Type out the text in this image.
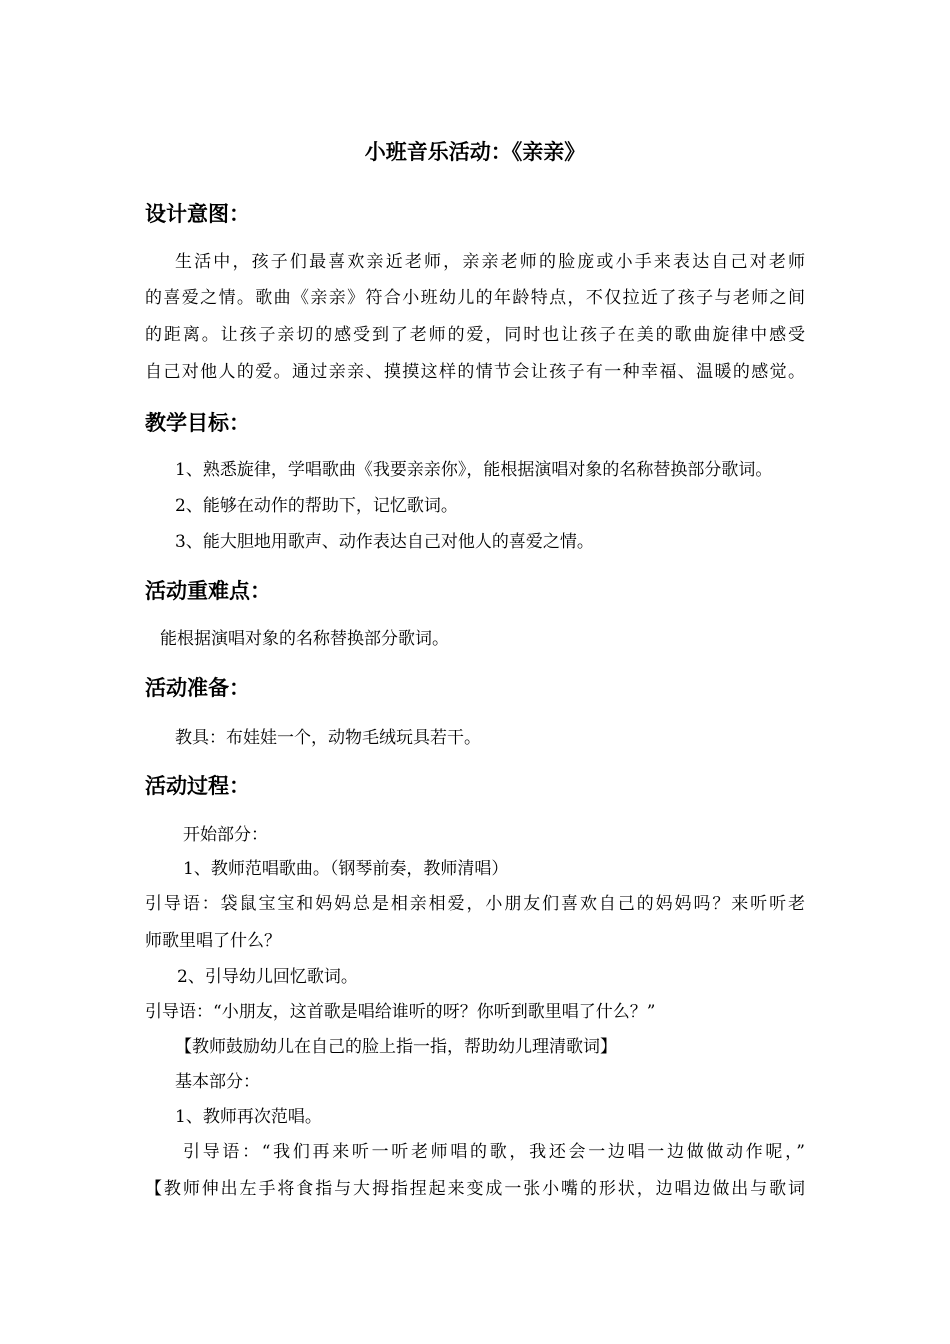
小班音乐活动：《亲亲》
设计意图：
生活中，孩子们最喜欢亲近老师，亲亲老师的脸庞或小手来表达自己对老师
的喜爱之情。歌曲《亲亲》符合小班幼儿的年龄特点，不仅拉近了孩子与老师之间
的距离。让孩子亲切的感受到了老师的爱，同时也让孩子在美的歌曲旋律中感受
自己对他人的爱。通过亲亲、摸摸这样的情节会让孩子有一种幸福、温暖的感觉。
教学目标：
1、熟悉旋律，学唱歌曲《我要亲亲你》，能根据演唱对象的名称替换部分歌词。
2、能够在动作的帮助下，记忆歌词。
3、能大胆地用歌声、动作表达自己对他人的喜爱之情。
活动重难点：
能根据演唱对象的名称替换部分歌词。
活动准备：
教具：布娃娃一个，动物毛绒玩具若干。
活动过程：
开始部分：
1、教师范唱歌曲。（钢琴前奏，教师清唱）
引导语：袋鼠宝宝和妈妈总是相亲相爱，小朋友们喜欢自己的妈妈吗？来听听老
师歌里唱了什么？
2、引导幼儿回忆歌词。
引导语：“小朋友，这首歌是唱给谁听的呀？你听到歌里唱了什么？”
【教师鼓励幼儿在自己的脸上指一指，帮助幼儿理清歌词】
基本部分：
1、教师再次范唱。
引导语：“我们再来听一听老师唱的歌，我还会一边唱一边做做动作呢，”
【教师伸出左手将食指与大拇指捏起来变成一张小嘴的形状，边唱边做出与歌词
